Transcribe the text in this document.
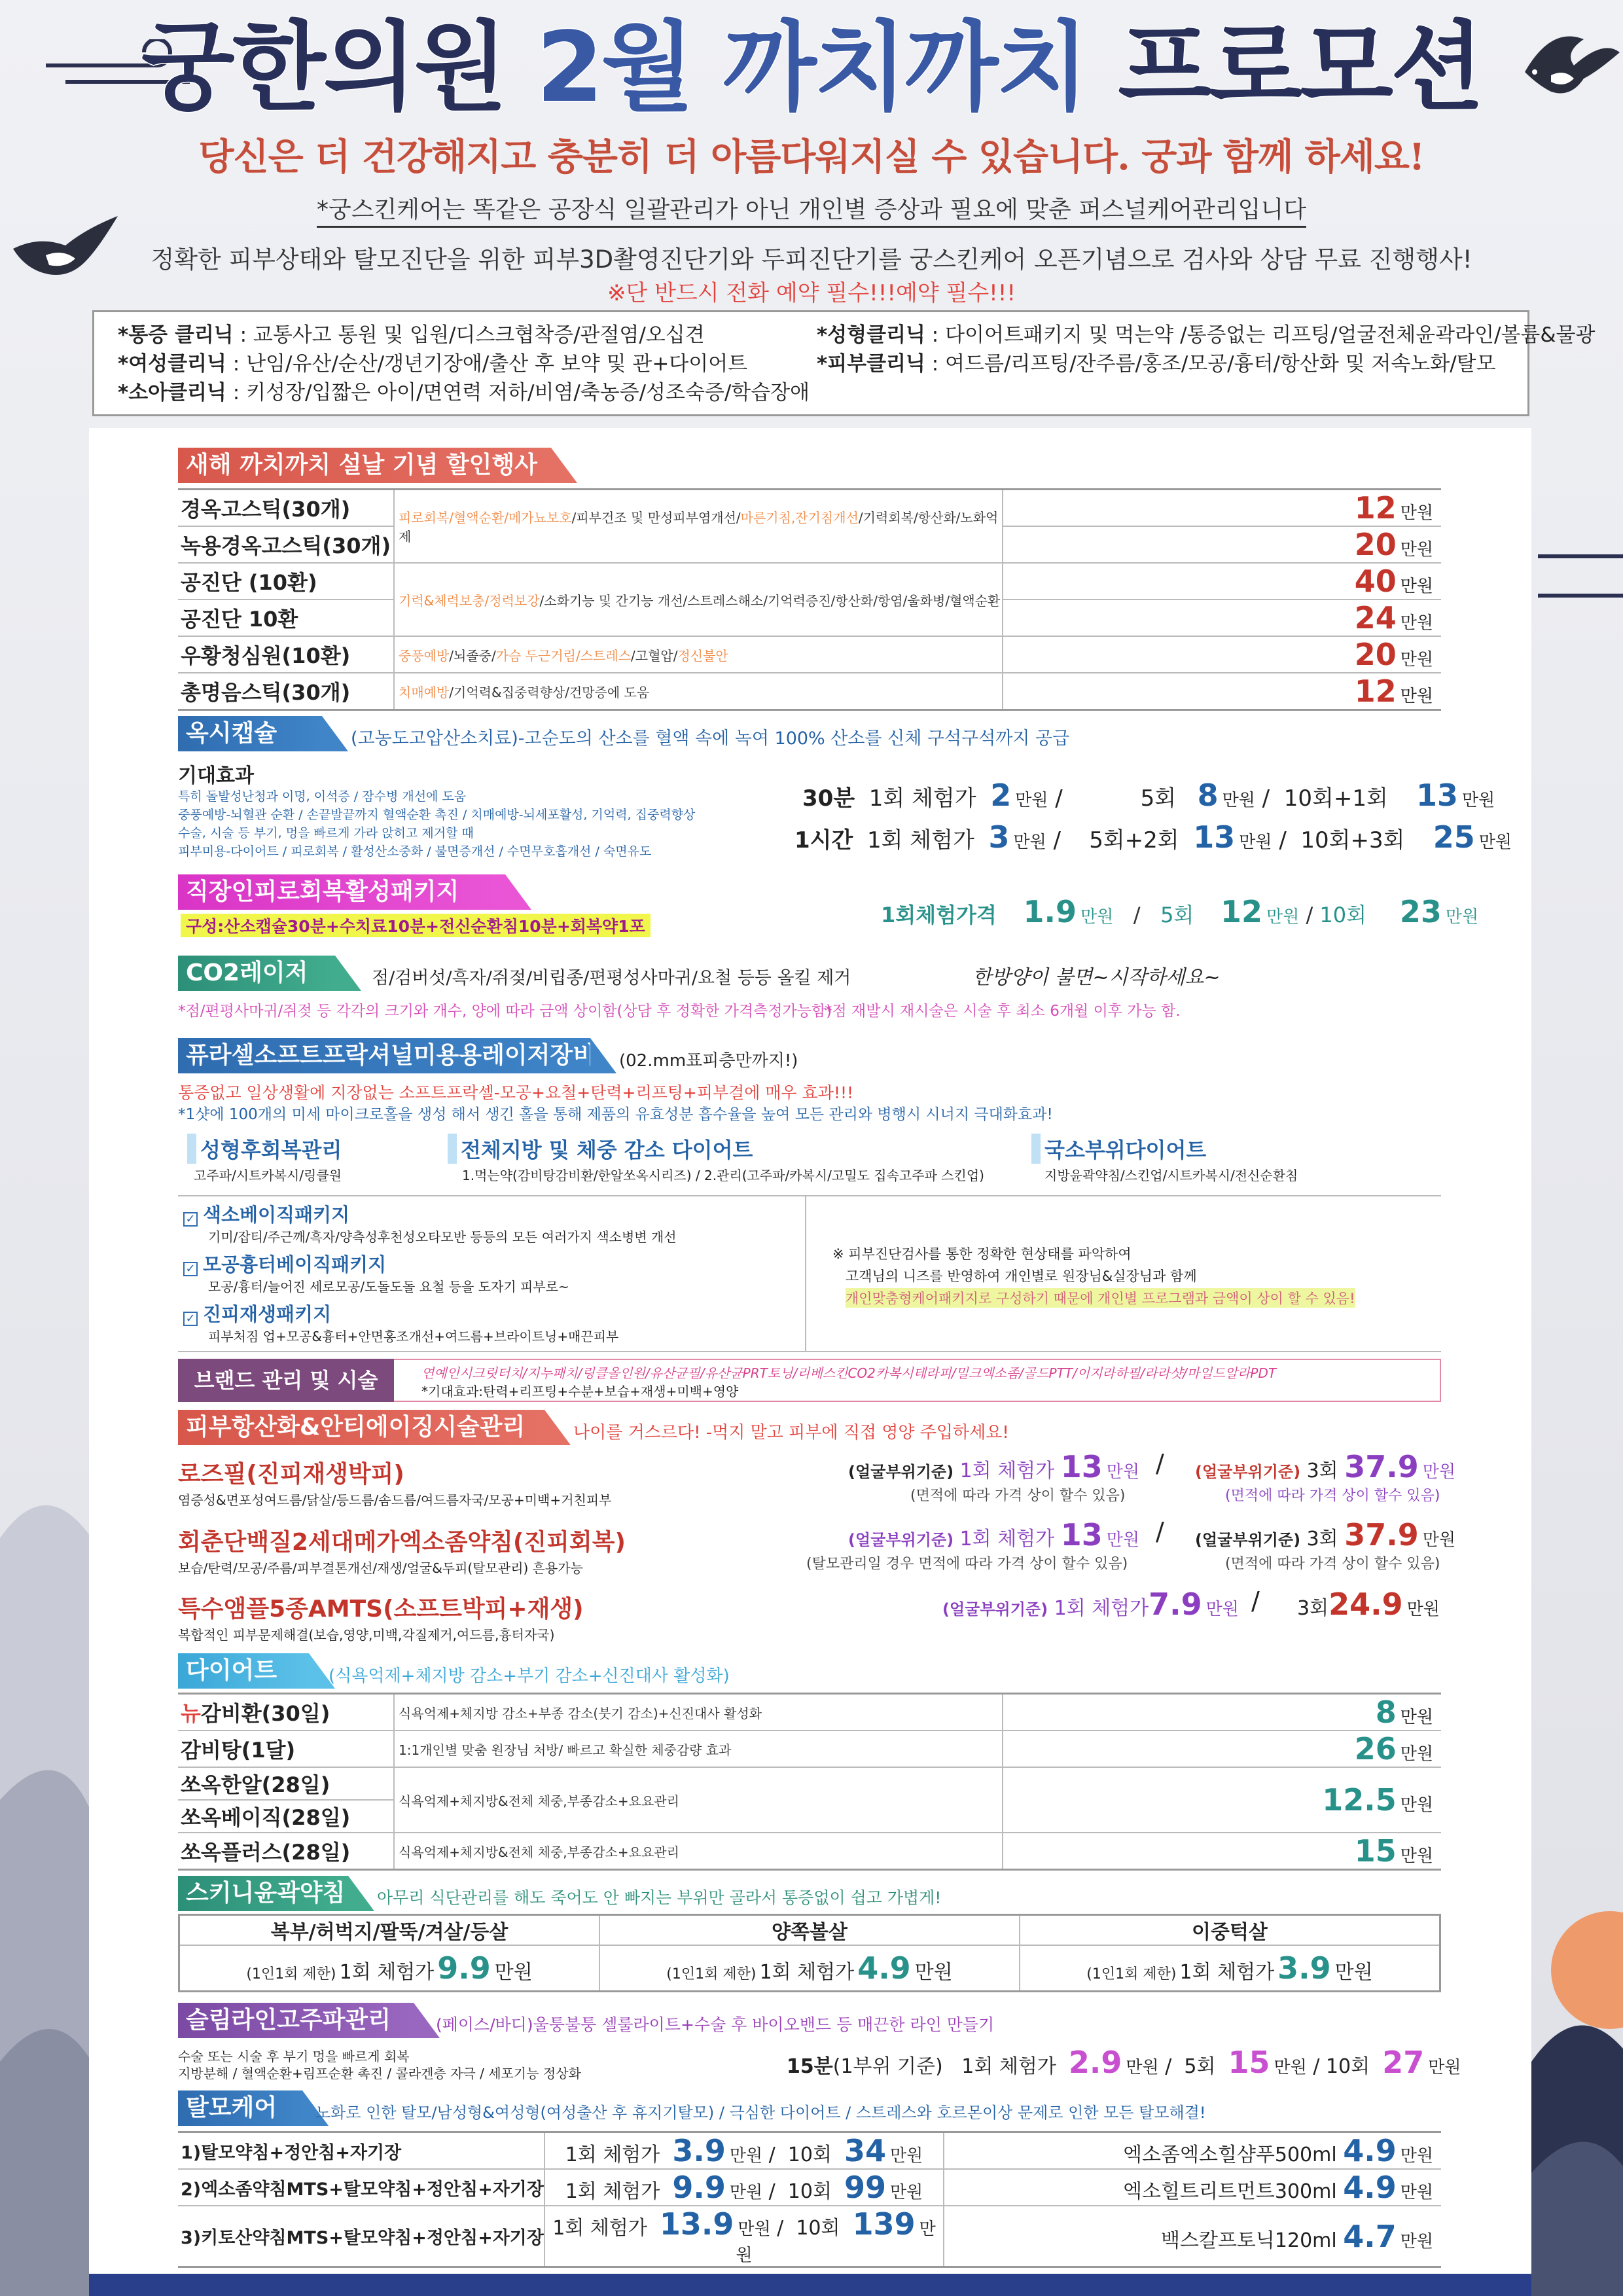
궁한의원 2월 까치까치 프로모션
당신은 더 건강해지고 충분히 더 아름다워지실 수 있습니다. 궁과 함께 하세요!
*궁스킨케어는 똑같은 공장식 일괄관리가 아닌 개인별 증상과 필요에 맞춘 퍼스널케어관리입니다
정확한 피부상태와 탈모진단을 위한 피부3D촬영진단기와 두피진단기를 궁스킨케어 오픈기념으로 검사와 상담 무료 진행행사!
※단 반드시 전화 예약 필수!!!예약 필수!!!
*통증 클리닉 : 교통사고 통원 및 입원/디스크협착증/관절염/오십견	*성형클리닉 : 다이어트패키지 및 먹는약 /통증없는 리프팅/얼굴전체윤곽라인/볼륨&물광
*여성클리닉 : 난임/유산/순산/갱년기장애/출산 후 보약 및 관+다이어트	*피부클리닉 : 여드름/리프팅/잔주름/홍조/모공/흉터/항산화 및 저속노화/탈모
*소아클리닉 : 키성장/입짧은 아이/면연력 저하/비염/축농증/성조숙증/학습장애
새해 까치까치 설날 기념 할인행사
경옥고스틱(30개)	피로회복/혈액순환/메가뇨보호/피부건조 및 만성피부염개선/마른기침,잔기침개선/기력회복/항산화/노화억제	12 만원
녹용경옥고스틱(30개)		20 만원
공진단 (10환)	기력&체력보충/정력보강/소화기능 및 간기능 개선/스트레스해소/기억력증진/항산화/항염/울화병/혈액순환	40 만원
공진단 10환		24 만원
우황청심원(10환)	중풍예방/뇌졸중/가슴 두근거림/스트레스/고혈압/정신불안	20 만원
총명음스틱(30개)	치매예방/기억력&집중력향상/건망증에 도움	12 만원
옥시캡슐	(고농도고압산소치료)-고순도의 산소를 혈액 속에 녹여 100% 산소를 신체 구석구석까지 공급
기대효과
특히 돌발성난청과 이명, 이석증 / 잠수병 개선에 도움
중풍예방-뇌혈관 순환 / 손끝발끝까지 혈액순환 촉진 / 치매예방-뇌세포활성, 기억력, 집중력향상
수술, 시술 등 부기, 멍을 빠르게 가라 앉히고 제거할 때
피부미용-다이어트 / 피로회복 / 활성산소중화 / 불면증개선 / 수면무호흡개선 / 숙면유도
30분 1회 체험가 2 만원 /           5회 8 만원 /  10회+1회 13 만원
1시간 1회 체험가 3 만원 /    5회+2회 13 만원 /  10회+3회 25 만원
직장인피로회복활성패키지
구성:산소캡슐30분+수치료10분+전신순환침10분+회복약1포	1회체험가격 1.9 만원 / 5회 12 만원 / 10회 23 만원
CO2레이저	점/검버섯/흑자/쥐젖/비립종/편평성사마귀/요철 등등 올킬 제거	한방양이 불면~시작하세요~
*점/편평사마귀/쥐젖 등 각각의 크기와 개수, 양에 따라 금액 상이함(상담 후 정확한 가격측정가능함)
*점 재발시 재시술은 시술 후 최소 6개월 이후 가능 함.
퓨라셀소프트프락셔널미용용레이저장비 (02.mm표피층만까지!)
통증없고 일상생활에 지장없는 소프트프락셀-모공+요철+탄력+리프팅+피부결에 매우 효과!!!
*1샷에 100개의 미세 마이크로홀을 생성 해서 생긴 홀을 통해 제품의 유효성분 흡수율을 높여 모든 관리와 병행시 시너지 극대화효과!
성형후회복관리
고주파/시트카복시/링클원
전체지방 및 체중 감소 다이어트
1.먹는약(감비탕감비환/한알쏘옥시리즈) / 2.관리(고주파/카복시/고밀도 집속고주파 스킨업)
국소부위다이어트
지방윤곽약침/스킨업/시트카복시/전신순환침
✓ 색소베이직패키지
기미/잡티/주근깨/흑자/양측성후천성오타모반 등등의 모든 여러가지 색소병변 개선
✓ 모공흉터베이직패키지
모공/흉터/늘어진 세로모공/도돌도돌 요철 등을 도자기 피부로~
✓ 진피재생패키지
피부처짐 업+모공&흉터+안면홍조개선+여드름+브라이트닝+매끈피부
※ 피부진단검사를 통한 정확한 현상태를 파악하여
고객님의 니즈를 반영하여 개인별로 원장님&실장님과 함께
개인맞춤형케어패키지로 구성하기 때문에 개인별 프로그램과 금액이 상이 할 수 있음!
브랜드 관리 및 시술	연예인시크릿터치/지누패치/링클올인원/유산균필/유산균PRT토닝/리베스킨CO2카복시테라피/밀크엑소좀/골드PTT/이지라하필/라라샷/마일드알라PDT
*기대효과:탄력+리프팅+수분+보습+재생+미백+영양
피부항산화&안티에이징시술관리	나이를 거스르다! -먹지 말고 피부에 직접 영양 주입하세요!
로즈필(진피재생박피)
염증성&면포성여드름/닭살/등드름/솜드름/여드름자국/모공+미백+거친피부
(얼굴부위기준) 1회 체험가 13 만원
(면적에 따라 가격 상이 할수 있음)
/ (얼굴부위기준) 3회 37.9 만원
(면적에 따라 가격 상이 할수 있음)
회춘단백질2세대메가엑소좀약침(진피회복)
보습/탄력/모공/주름/피부결톤개선/재생/얼굴&두피(탈모관리) 흔용가능
(얼굴부위기준) 1회 체험가 13 만원
(탈모관리일 경우 면적에 따라 가격 상이 할수 있음)
/ (얼굴부위기준) 3회 37.9 만원
(면적에 따라 가격 상이 할수 있음)
특수앰플5종AMTS(소프트박피+재생)
복합적인 피부문제해결(보습,영양,미백,각질제거,여드름,흉터자국)
(얼굴부위기준) 1회 체험가7.9 만원 / 3회24.9 만원
다이어트	(식욕억제+체지방 감소+부기 감소+신진대사 활성화)
뉴감비환(30일)	식욕억제+체지방 감소+부종 감소(붓기 감소)+신진대사 활성화	8 만원
감비탕(1달)	1:1개인별 맞춤 원장님 처방/ 빠르고 확실한 체중감량 효과	26 만원
쏘옥한알(28일)	식욕억제+체지방&전체 체중,부종감소+요요관리	12.5 만원
쏘옥베이직(28일)		
쏘옥플러스(28일)	식욕억제+체지방&전체 체중,부종감소+요요관리	15 만원
스키니윤곽약침 아무리 식단관리를 해도 죽어도 안 빠지는 부위만 골라서 통증없이 쉽고 가볍게!
복부/허벅지/팔뚝/겨살/등살	양쪽볼살	이중턱살
(1인1회 제한) 1회 체험가 9.9 만원	(1인1회 제한) 1회 체험가 4.9 만원	(1인1회 제한) 1회 체험가 3.9 만원
슬림라인고주파관리	(페이스/바디)울퉁불퉁 셀룰라이트+수술 후 바이오밴드 등 매끈한 라인 만들기
수술 또는 시술 후 부기 멍을 빠르게 회복
지방분해 / 혈액순환+림프순환 촉진 / 콜라겐층 자극 / 세포기능 정상화	15분(1부위 기준) 1회 체험가 2.9 만원 /  5회 15 만원 / 10회 27 만원
탈모케어	노화로 인한 탈모/남성형&여성형(여성출산 후 휴지기탈모) / 극심한 다이어트 / 스트레스와 호르몬이상 문제로 인한 모든 탈모해결!
1)탈모약침+정안침+자기장	1회 체험가 3.9 만원 /  10회 34 만원	엑소좀엑소힐샴푸500ml 4.9 만원
2)엑소좀약침MTS+탈모약침+정안침+자기장	1회 체험가 9.9 만원 /  10회 99 만원	엑소힐트리트먼트300ml 4.9 만원
3)키토산약침MTS+탈모약침+정안침+자기장	1회 체험가 13.9 만원 /  10회 139 만원	백스칼프토닉120ml 4.7 만원
